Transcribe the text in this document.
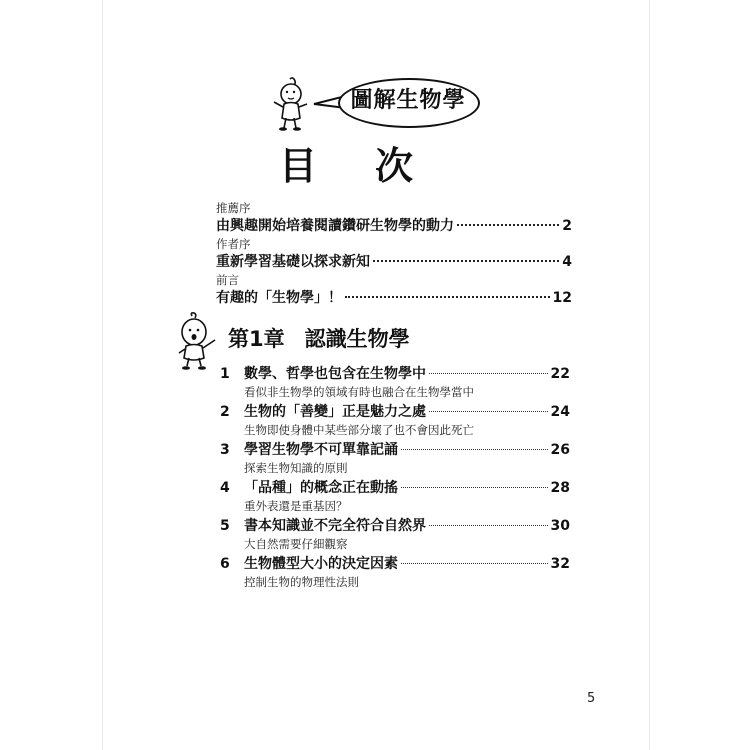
圖解生物學
目次
推薦序
由興趣開始培養閱讀鑽研生物學的動力	2
作者序
重新學習基礎以探求新知	4
前言
有趣的「生物學」！	12
第1章 認識生物學
1	數學、哲學也包含在生物學中	22
看似非生物學的領域有時也融合在生物學當中
2	生物的「善變」正是魅力之處	24
生物即使身體中某些部分壞了也不會因此死亡
3	學習生物學不可單靠記誦	26
探索生物知識的原則
4	「品種」的概念正在動搖	28
重外表還是重基因？
5	書本知識並不完全符合自然界	30
大自然需要仔細觀察
6	生物體型大小的決定因素	32
控制生物的物理性法則
5
